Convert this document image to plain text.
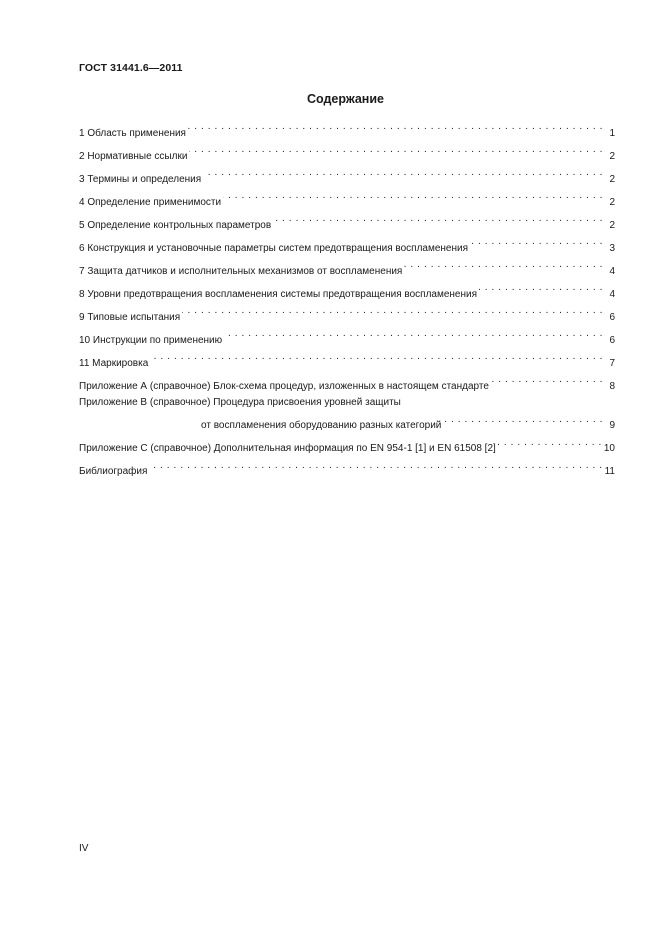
ГОСТ 31441.6—2011
Содержание
1 Область применения . . .	1
2 Нормативные ссылки . . .	2
3 Термины и определения . . .	2
4 Определение применимости . . .	2
5 Определение контрольных параметров . . .	2
6 Конструкция и установочные параметры систем предотвращения воспламенения . . .	3
7 Защита датчиков и исполнительных механизмов от воспламенения . . .	4
8 Уровни предотвращения воспламенения системы предотвращения воспламенения . . .	4
9 Типовые испытания . . .	6
10 Инструкции по применению . . .	6
11 Маркировка . . .	7
Приложение А (справочное) Блок-схема процедур, изложенных в настоящем стандарте . . .	8
Приложение В (справочное) Процедура присвоения уровней защиты
от воспламенения оборудованию разных категорий . . .	9
Приложение С (справочное) Дополнительная информация по EN 954-1 [1] и EN 61508 [2] . . .	10
Библиография . . .	11
IV
